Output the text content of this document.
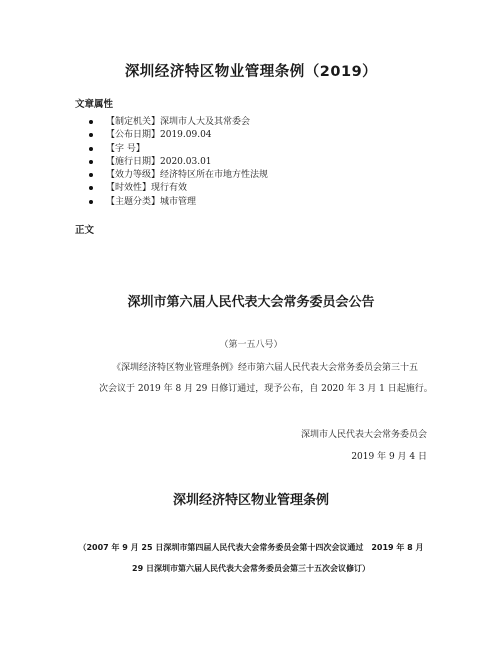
深圳经济特区物业管理条例（2019）
文章属性
【制定机关】深圳市人大及其常委会
【公布日期】2019.09.04
【字 号】
【施行日期】2020.03.01
【效力等级】经济特区所在市地方性法规
【时效性】现行有效
【主题分类】城市管理
正文
深圳市第六届人民代表大会常务委员会公告
（第一五八号）
《深圳经济特区物业管理条例》经市第六届人民代表大会常务委员会第三十五
次会议于 2019 年 8 月 29 日修订通过，现予公布，自 2020 年 3 月 1 日起施行。
深圳市人民代表大会常务委员会
2019 年 9 月 4 日
深圳经济特区物业管理条例
（2007 年 9 月 25 日深圳市第四届人民代表大会常务委员会第十四次会议通过　2019 年 8 月
29 日深圳市第六届人民代表大会常务委员会第三十五次会议修订）
